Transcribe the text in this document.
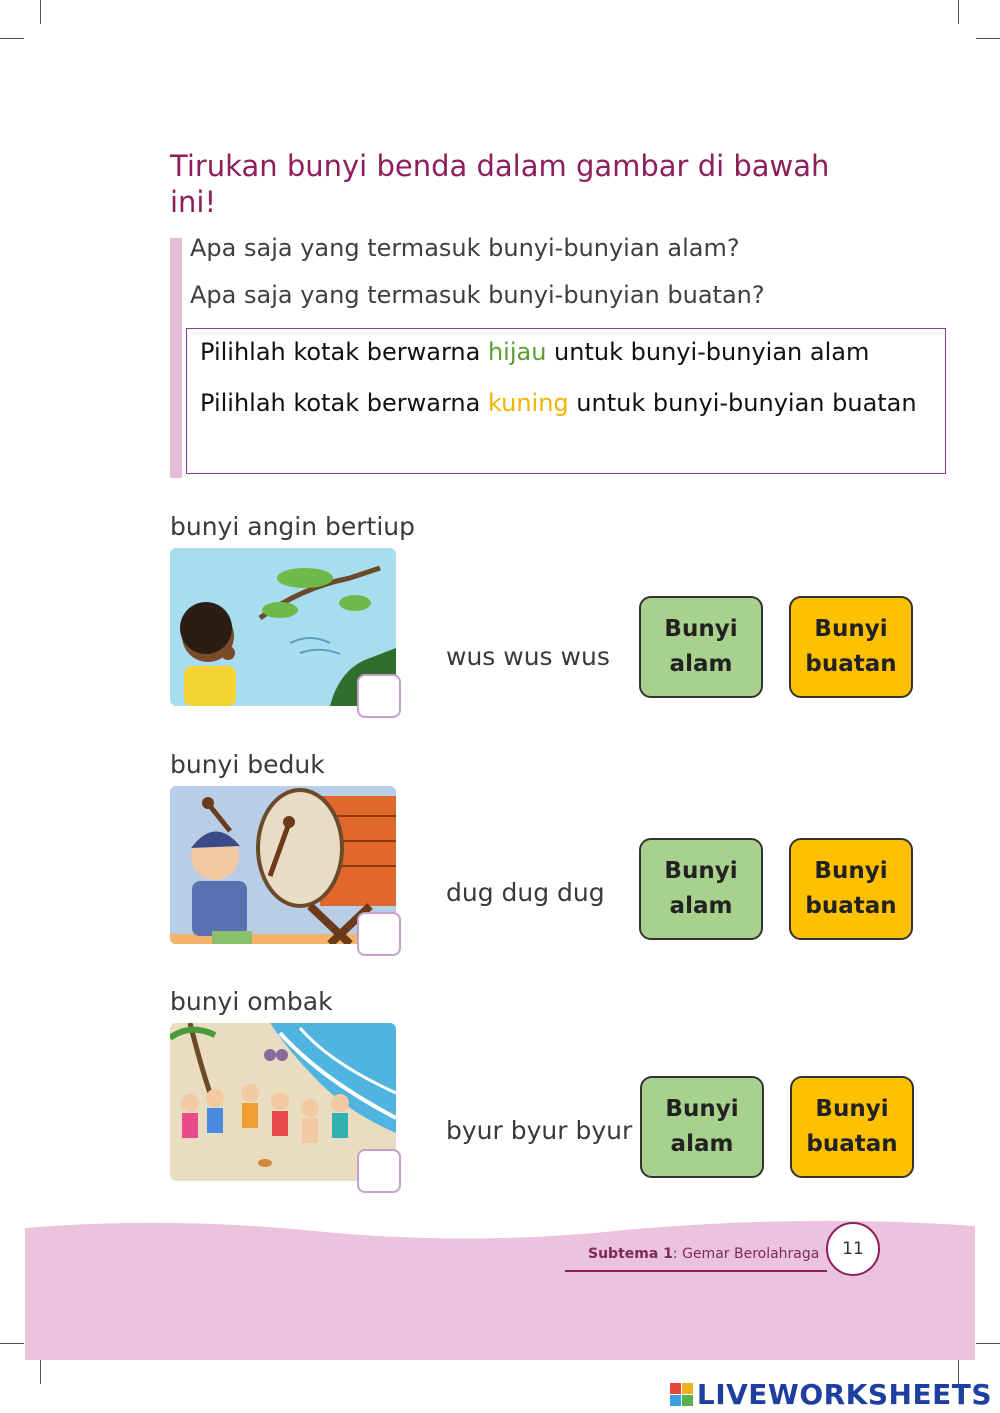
Tirukan bunyi benda dalam gambar di bawah ini!
Apa saja yang termasuk bunyi-bunyian alam?
Apa saja yang termasuk bunyi-bunyian buatan?
Pilihlah kotak berwarna hijau untuk bunyi-bunyian alam
Pilihlah kotak berwarna kuning untuk bunyi-bunyian buatan
bunyi angin bertiup
wus wus wus
Bunyi
alam
Bunyi
buatan
bunyi beduk
dug dug dug
Bunyi
alam
Bunyi
buatan
bunyi ombak
byur byur byur
Bunyi
alam
Bunyi
buatan
Subtema 1: Gemar Berolahraga	11
LIVEWORKSHEETS
